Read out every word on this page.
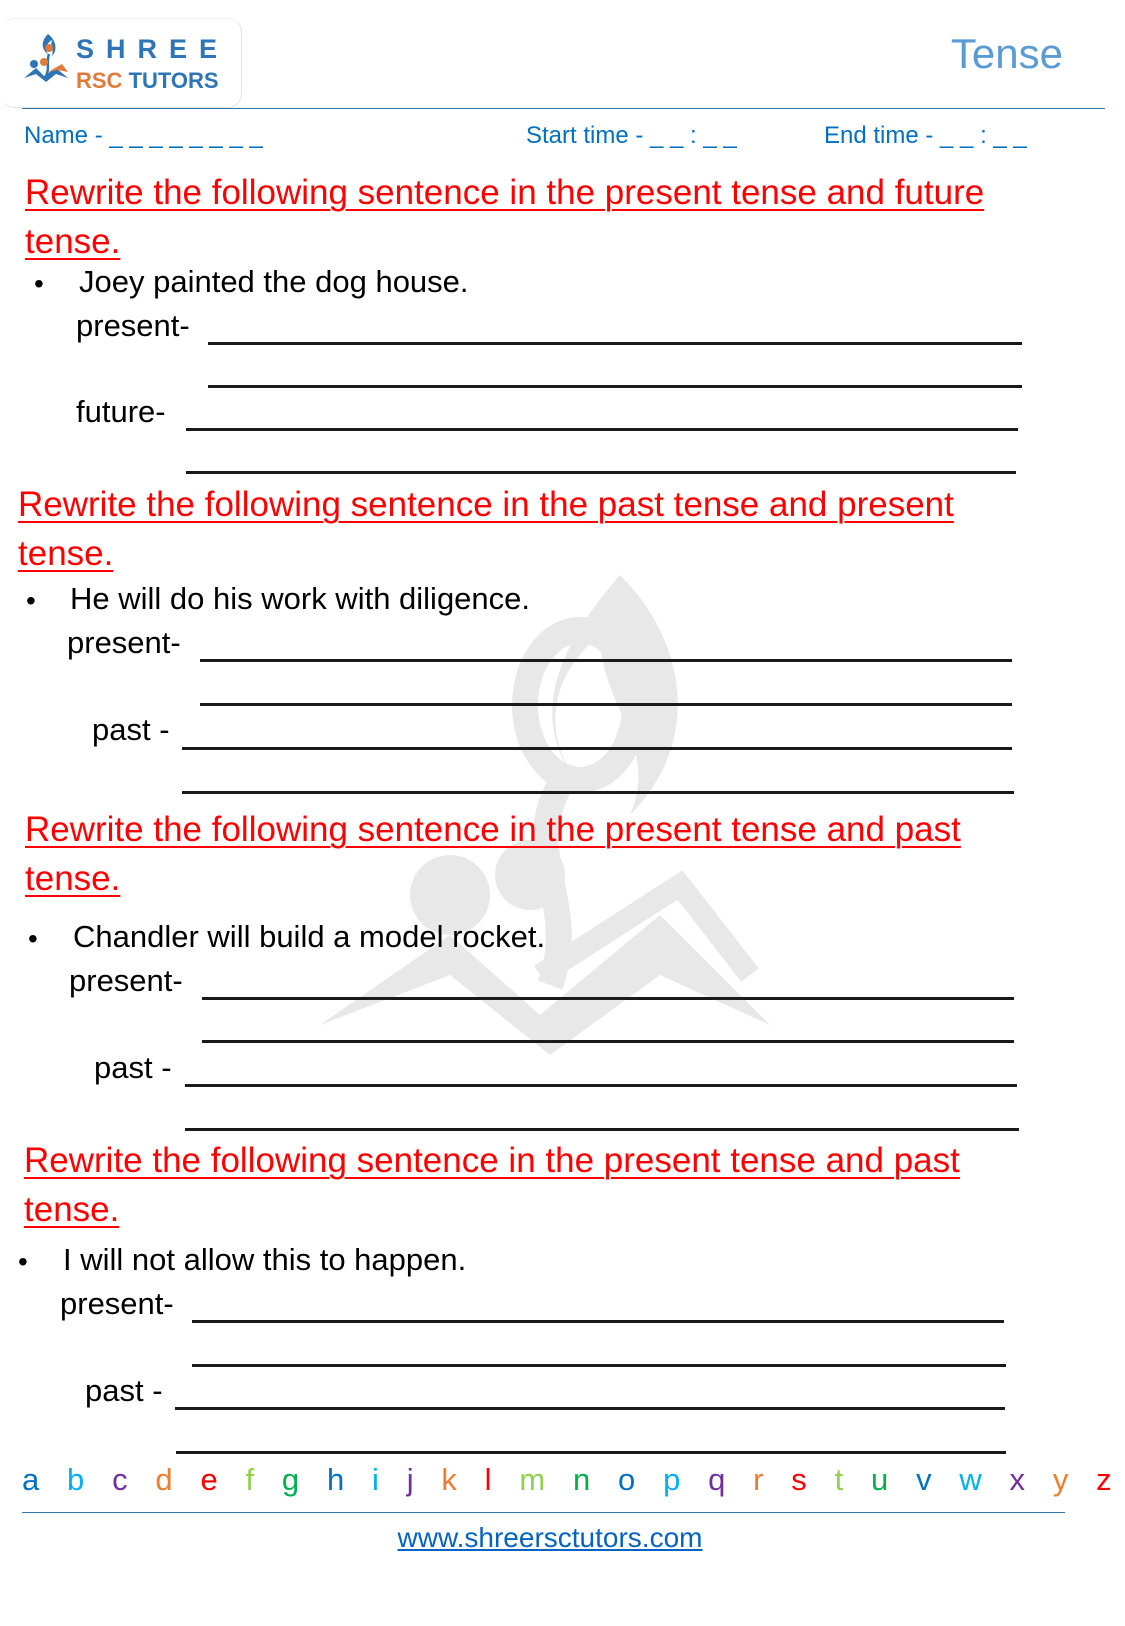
SHREE
RSC TUTORS
Tense
Name - _ _ _ _ _ _ _ _	Start time - _ _ : _ _	End time - _ _ : _ _
Rewrite the following sentence in the present tense and future
tense.
• Joey painted the dog house.
present-
future-
Rewrite the following sentence in the past tense and present
tense.
• He will do his work with diligence.
present-
past -
Rewrite the following sentence in the present tense and past
tense.
• Chandler will build a model rocket.
present-
past -
Rewrite the following sentence in the present tense and past
tense.
• I will not allow this to happen.
present-
past -
a b c d e f g h i j k l m n o p q r s t u v w x y z
www.shreersctutors.com
